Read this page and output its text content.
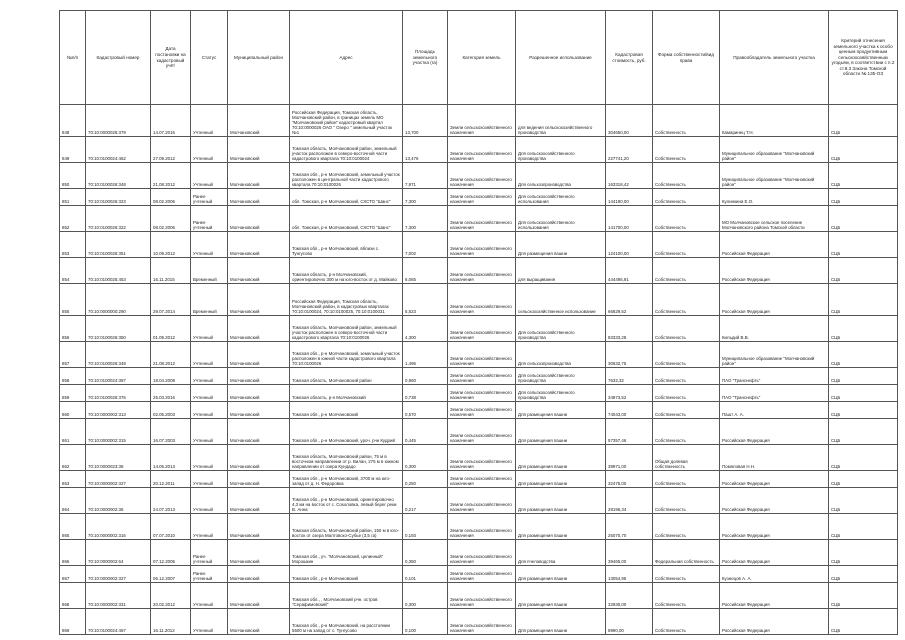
№п/п	Кадастровый номер	Дата постановки на кадастровый учёт	Статус	Муниципальный район	Адрес	Площадь земельного участка (га)	Категория земель	Разрешенное использование	Кадастровая стоимость, руб.	Форма собственности/вид права	Правообладатель земельного участка	Критерий отнесения земельного участка к особо ценным продуктивным сельскохозяйственным угодьям, в соответствии с п.2 ст.8.3 Закона Томской области № 135-ОЗ
848	70:10:0000026:379	14.07.2016	Учтенный	Молчановский	Российская Федерация, Томская область, Молчановский район, в границах земель МО "Молчановский район" кадастровый квартал 70:10:0000026 ОАО " Озеро " земельный участок №1	13,700	Земли сельскохозяйственного назначения	для ведения сельскохозяйственного производства	304650,00	Собственность	Камаринец Т.Н.	СЦБ
849	70:10:0100024:462	27.09.2012	Учтенный	Молчановский	Томская область, Молчановский район, земельный участок расположен в северо-восточной части кадастрового квартала 70:10:0100024	13,476	Земли сельскохозяйственного назначения	Для сельскохозяйственного производства	227741,20	Собственность	Муниципальное образование "Молчановский район"	СЦБ
850	70:10:0100026:348	21.08.2012	Учтенный	Молчановский	Томская обл., р-н Молчановский, земельный участок расположен в центральной части кадастрового квартала 70:10:0100026	7,971	Земли сельскохозяйственного назначения	Для сельхозпроизводства	163318,42	Собственность	Муниципальное образование "Молчановский район"	СЦБ
851	70:10:0100026:323	08.02.2006	Ранее учтенный	Молчановский	обл. Томская, р-н Молчановский, СХСТО "Шанс"	7,300	Земли сельскохозяйственного назначения	Для сельскохозяйственного использования	144190,00	Собственность	Кулинкина Е.О.	СЦБ
852	70:10:0100026:322	08.02.2006	Ранее учтенный	Молчановский	обл. Томская, р-н Молчановский, СХСТО "Шанс"	7,300	Земли сельскохозяйственного назначения	Для сельскохозяйственного использования	141700,00	Собственность	МО Молчановское сельское поселение Молчановского района Томской области	СЦБ
853	70:10:0100026:351	10.09.2012	Учтенный	Молчановский	Томская обл., р-н Молчановский, вблизи с. Тунгусово	7,002	Земли сельскохозяйственного назначения	Для размещения пашни	124100,00	Собственность	Российская Федерация	СЦБ
854	70:10:0100025:453	16.11.2015	Временный	Молчановский	Томская область, р-н Молчановский, ориентировочно 300 м на юго-восток от д. Майково	6,065	Земли сельскохозяйственного назначения	для выращивания	444495,91	Собственность	Российская Федерация	СЦБ
855	70:10:0000000:290	29.07.2014	Временный	Молчановский	Российская Федерация, Томская область, Молчановский район, в кадастровых кварталах 70:10:0100024, 70:10:0100025, 70:10:0100031	5,523	Земли сельскохозяйственного назначения	сельскохозяйственное использование	66829,52	Собственность	Российская Федерация	СЦБ
856	70:10:0100026:350	01.09.2012	Учтенный	Молчановский	Томская область, Молчановский район, земельный участок расположен в северо-восточной части кадастрового квартала 70:10:0100026	4,300	Земли сельскохозяйственного назначения	Для сельскохозяйственного производства	83333,28	Собственность	Кильдий В.В.	СЦБ
857	70:10:0100026:349	21.08.2012	Учтенный	Молчановский	Томская обл., р-н Молчановский, земельный участок расположен в южной части кадастрового квартала 70:10:0100026	1,495	Земли сельскохозяйственного назначения	Для сельхозпроизводства	30632,75	Собственность	Муниципальное образование "Молчановский район"	СЦБ
858	70:10:0100024:387	18.04.2008	Учтенный	Молчановский	Томская область, Молчановский район	0,960	Земли сельскохозяйственного назначения	Для сельскохозяйственного производства	7632,32	Собственность	ПАО "Транснефть"	СЦБ
859	70:10:0100026:376	25.03.2016	Учтенный	Молчановский	Томская область, р-н Молчановский	0,738	Земли сельскохозяйственного назначения	Для сельскохозяйственного производства	34973,52	Собственность	ПАО "Транснефть"	СЦБ
860	70:10:0000002:313	02.05.2003	Учтенный	Молчановский	Томская обл., р-н Молчановский	0,570	Земли сельскохозяйственного назначения	Для размещения пашни	74043,00	Собственность	Пашт А. А.	СЦБ
861	70:10:0000002:315	16.07.2003	Учтенный	Молчановский	Томская обл., р-н Молчановский, уроч. рчн Кудрий	0,445	Земли сельскохозяйственного назначения	Для размещения пашни	57357,46	Собственность	Российская Федерация	СЦБ
862	70:10:0000023:38	14.05.2013	Учтенный	Молчановский	Томская область, Молчановский район, 75 м в восточном направлении от р. Вилан, 275 м в южном направлении от озера Кундадо	0,300	Земли сельскохозяйственного назначения	Для размещения пашни	39971,00	Общая долевая собственность	Помяловая Н.Н.	СЦБ
863	70:10:0000002:327	20.12.2011	Учтенный	Молчановский	Томская обл., р-н Молчановский, 3700 м на юго-запад от д. Н. Федоровка	0,250	Земли сельскохозяйственного назначения	Для размещения пашни	32475,00	Собственность	Российская Федерация	СЦБ
864	70:10:0000002:36	24.07.2013	Учтенный	Молчановский	Томская обл., р-н Молчановский, ориентировочно 4,3 км на восток от с. Соколовка, левый берег реки В. Анна	0,217	Земли сельскохозяйственного назначения	Для размещения пашни	28196,34	Собственность	Российская Федерация	СЦБ
865	70:10:0000002:316	07.07.2010	Учтенный	Молчановский	Томская область, Молчановский район, 150 м в юго-восток от озера Малтовско-Субье (3,5 га)	0,193	Земли сельскохозяйственного назначения	Для размещения пашни	25070,70	Собственность	Российская Федерация	СЦБ
866	70:10:0000002:64	07.12.2005	Ранее учтенный	Молчановский	Томская обл., уч. "Молчановский, целинный" Морошкин	0,350	Земли сельскохозяйственного назначения	Для пчеловодства	39465,00	Федеральная собственность	Российская Федерация	СЦБ
867	70:10:0000002:327	06.12.2007	Ранее учтенный	Молчановский	Томская обл., р-н Молчановский	0,101	Земли сельскохозяйственного назначения	Для размещения пашни	13054,95	Собственность	Кузнецов А. А.	СЦБ
868	70:10:0000002:331	20.02.2012	Учтенный	Молчановский	Томская обл., , Молчановский рчн. остров "Серафимовский"	0,300	Земли сельскохозяйственного назначения	Для размещения пашни	32930,00	Собственность	Российская Федерация	СЦБ
869	70:10:0100024:467	16.11.2012	Учтенный	Молчановский	Томская обл., р-н Молчановский, на расстоянии 5500 м на запад от с. Тунгусово	0,100	Земли сельскохозяйственного назначения	Для размещения пашни	8990,00	Собственность	Российская Федерация	СЦБ
